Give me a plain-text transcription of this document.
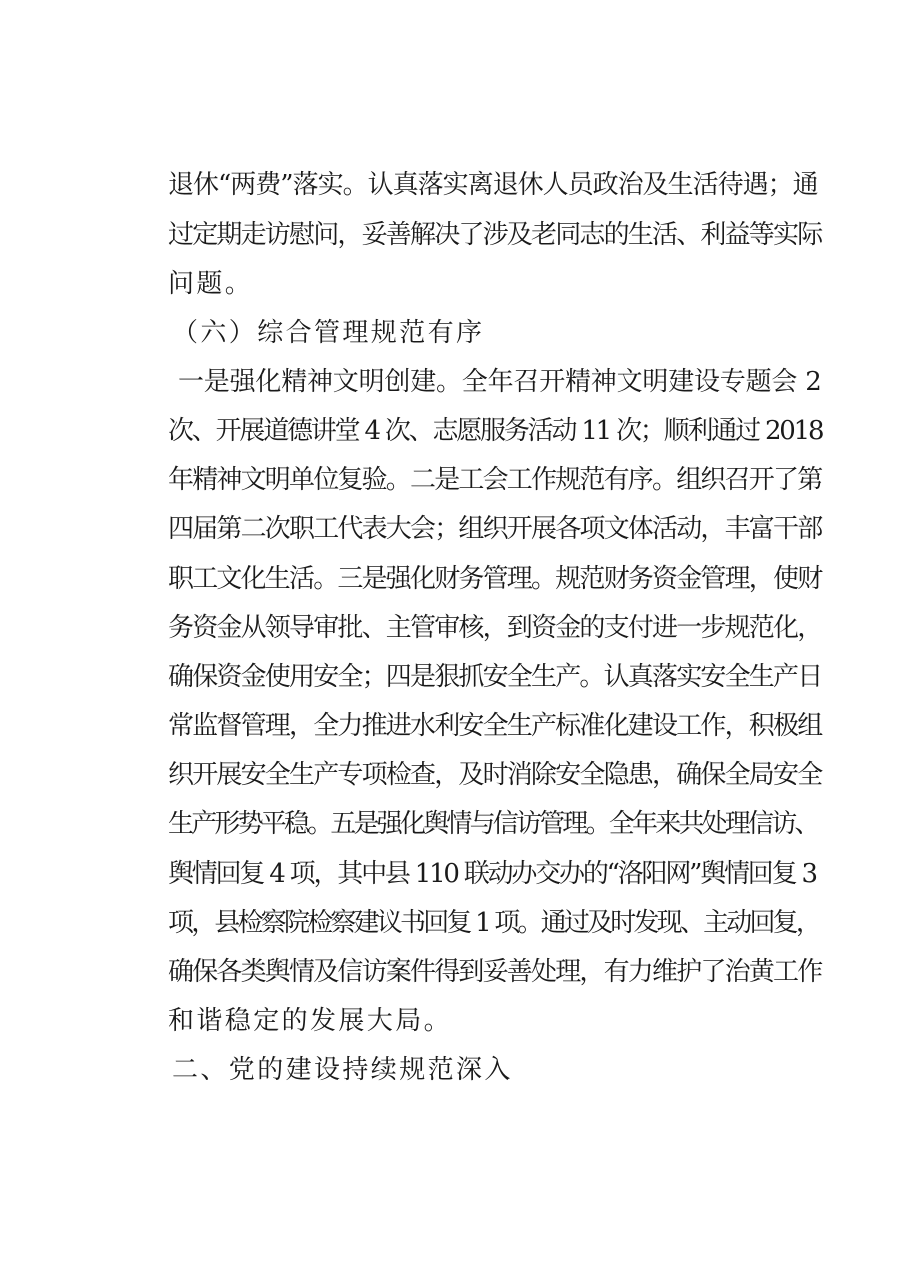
退休“两费”落实。认真落实离退休人员政治及生活待遇；通
过定期走访慰问，妥善解决了涉及老同志的生活、利益等实际
问题。
（六）综合管理规范有序
一是强化精神文明创建。全年召开精神文明建设专题会 2
次、开展道德讲堂 4 次、志愿服务活动 11 次；顺利通过 2018
年精神文明单位复验。二是工会工作规范有序。组织召开了第
四届第二次职工代表大会；组织开展各项文体活动，丰富干部
职工文化生活。三是强化财务管理。规范财务资金管理，使财
务资金从领导审批、主管审核，到资金的支付进一步规范化，
确保资金使用安全；四是狠抓安全生产。认真落实安全生产日
常监督管理，全力推进水利安全生产标准化建设工作，积极组
织开展安全生产专项检查，及时消除安全隐患，确保全局安全
生产形势平稳。五是强化舆情与信访管理。全年来共处理信访、
舆情回复 4 项，其中县 110 联动办交办的“洛阳网”舆情回复 3
项，县检察院检察建议书回复 1 项。通过及时发现、主动回复，
确保各类舆情及信访案件得到妥善处理，有力维护了治黄工作
和谐稳定的发展大局。
二、党的建设持续规范深入
